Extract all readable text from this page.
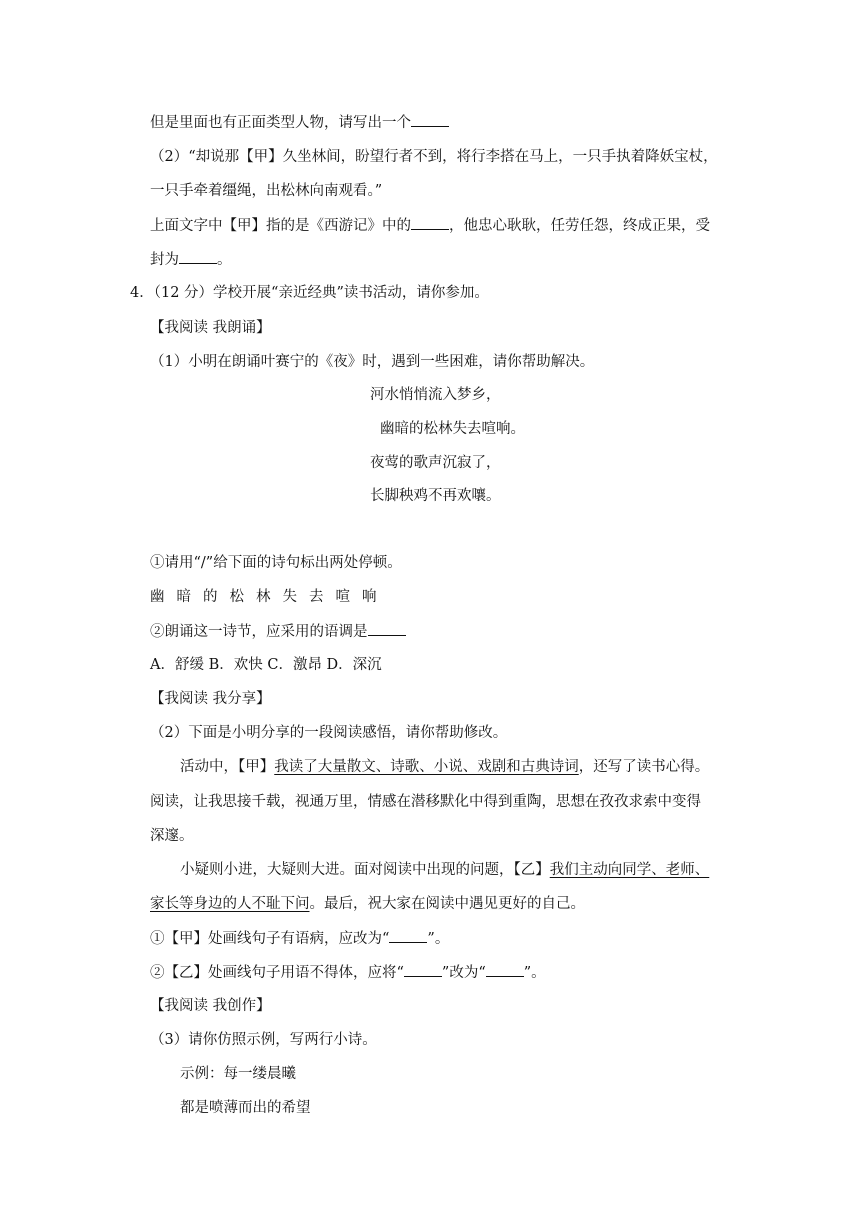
但是里面也有正面类型人物，请写出一个
（2）“却说那【甲】久坐林间，盼望行者不到，将行李搭在马上，一只手执着降妖宝杖，
一只手牵着缰绳，出松林向南观看。”
上面文字中【甲】指的是《西游记》中的	，他忠心耿耿，任劳任怨，终成正果，受
封为	。
4．（12 分）学校开展“亲近经典”读书活动，请你参加。
【我阅读 我朗诵】
（1）小明在朗诵叶赛宁的《夜》时，遇到一些困难，请你帮助解决。
河水悄悄流入梦乡，
幽暗的松林失去喧响。
夜莺的歌声沉寂了，
长脚秧鸡不再欢嚷。
①请用“/”给下面的诗句标出两处停顿。
幽 暗 的 松 林 失 去 喧 响
②朗诵这一诗节，应采用的语调是
A．舒缓 B．欢快 C．激昂 D．深沉
【我阅读 我分享】
（2）下面是小明分享的一段阅读感悟，请你帮助修改。
活动中，【甲】我读了大量散文、诗歌、小说、戏剧和古典诗词，还写了读书心得。
阅读，让我思接千载，视通万里，情感在潜移默化中得到重陶，思想在孜孜求索中变得
深邃。
小疑则小进，大疑则大进。面对阅读中出现的问题，【乙】我们主动向同学、老师、
家长等身边的人不耻下问。最后，祝大家在阅读中遇见更好的自己。
①【甲】处画线句子有语病，应改为“	”。
②【乙】处画线句子用语不得体，应将“	”改为“	”。
【我阅读 我创作】
（3）请你仿照示例，写两行小诗。
示例：每一缕晨曦
都是喷薄而出的希望
